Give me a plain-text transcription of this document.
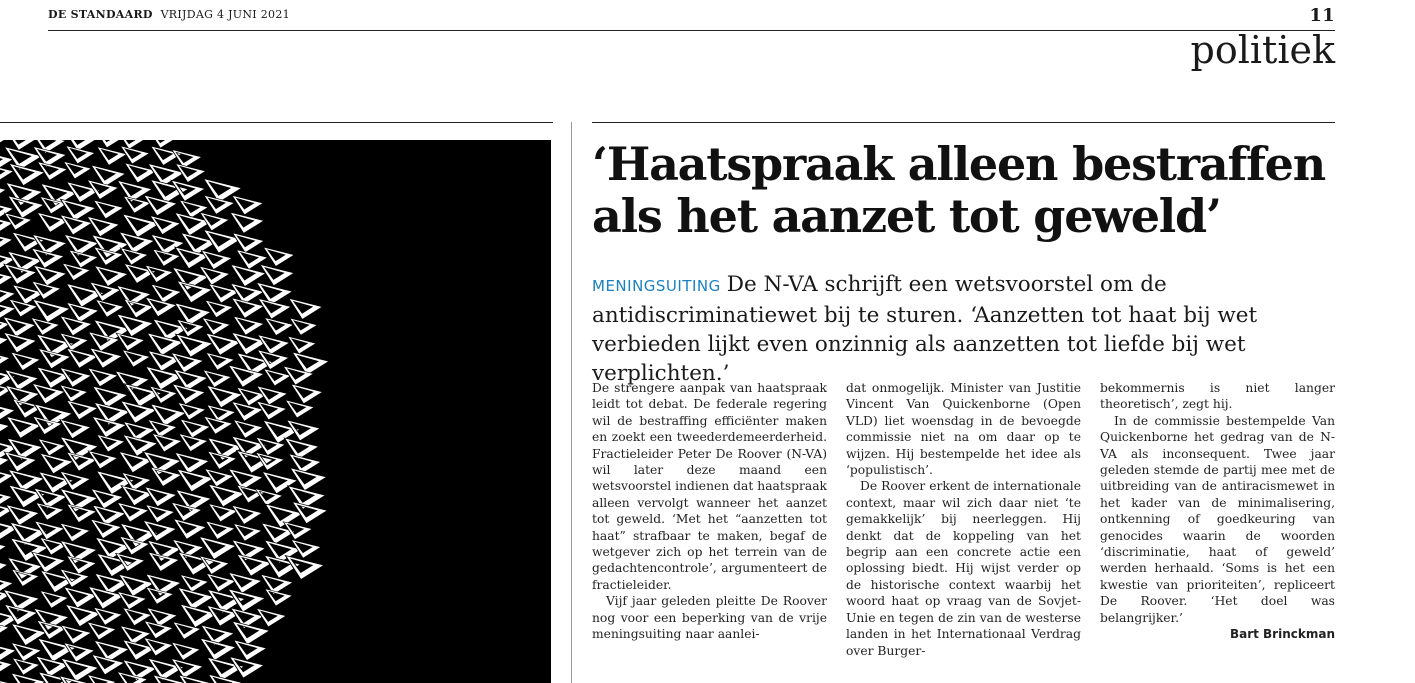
DE STANDAARD VRIJDAG 4 JUNI 2021	11
politiek
‘Haatspraak alleen bestraffen als het aanzet tot geweld’

MENINGSUITING De N-VA schrijft een wetsvoorstel om de antidiscriminatiewet bij te sturen. ‘Aanzetten tot haat bij wet verbieden lijkt even onzinnig als aanzetten tot liefde bij wet verplichten.’

De strengere aanpak van haatspraak leidt tot debat. De federale regering wil de bestraffing efficiënter maken en zoekt een tweederdemeerderheid. Fractieleider Peter De Roover (N-VA) wil later deze maand een wetsvoorstel indienen dat haatspraak alleen vervolgt wanneer het aanzet tot geweld. ‘Met het “aanzetten tot haat” strafbaar te maken, begaf de wetgever zich op het terrein van de gedachtencontrole’, argumenteert de fractieleider.

Vijf jaar geleden pleitte De Roover nog voor een beperking van de vrije meningsuiting naar aanlei-

dat onmogelijk. Minister van Justitie Vincent Van Quickenborne (Open VLD) liet woensdag in de bevoegde commissie niet na om daar op te wijzen. Hij bestempelde het idee als ‘populistisch’.

De Roover erkent de internationale context, maar wil zich daar niet ‘te gemakkelijk’ bij neerleggen. Hij denkt dat de koppeling van het begrip aan een concrete actie een oplossing biedt. Hij wijst verder op de historische context waarbij het woord haat op vraag van de Sovjet-Unie en tegen de zin van de westerse landen in het Internationaal Verdrag over Burger-

bekommernis is niet langer theoretisch’, zegt hij.

In de commissie bestempelde Van Quickenborne het gedrag van de N-VA als inconsequent. Twee jaar geleden stemde de partij mee met de uitbreiding van de antiracismewet in het kader van de minimalisering, ontkenning of goedkeuring van genocides waarin de woorden ‘discriminatie, haat of geweld’ werden herhaald. ‘Soms is het een kwestie van prioriteiten’, repliceert De Roover. ‘Het doel was belangrijker.’

Bart Brinckman
